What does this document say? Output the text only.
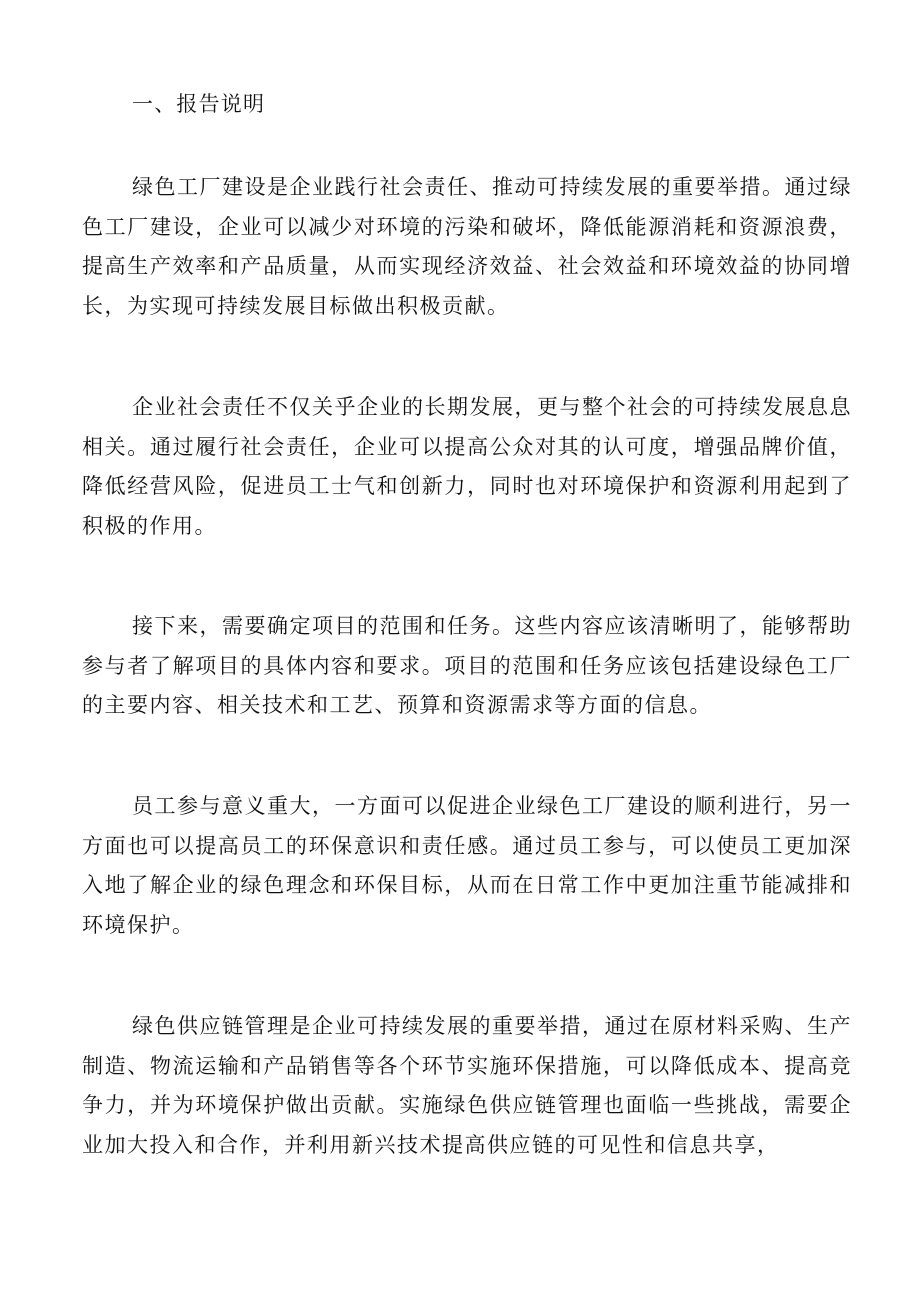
一、报告说明

绿色工厂建设是企业践行社会责任、推动可持续发展的重要举措。通过绿色工厂建设，企业可以减少对环境的污染和破坏，降低能源消耗和资源浪费，提高生产效率和产品质量，从而实现经济效益、社会效益和环境效益的协同增长，为实现可持续发展目标做出积极贡献。

企业社会责任不仅关乎企业的长期发展，更与整个社会的可持续发展息息相关。通过履行社会责任，企业可以提高公众对其的认可度，增强品牌价值，降低经营风险，促进员工士气和创新力，同时也对环境保护和资源利用起到了积极的作用。

接下来，需要确定项目的范围和任务。这些内容应该清晰明了，能够帮助参与者了解项目的具体内容和要求。项目的范围和任务应该包括建设绿色工厂的主要内容、相关技术和工艺、预算和资源需求等方面的信息。

员工参与意义重大，一方面可以促进企业绿色工厂建设的顺利进行，另一方面也可以提高员工的环保意识和责任感。通过员工参与，可以使员工更加深入地了解企业的绿色理念和环保目标，从而在日常工作中更加注重节能减排和环境保护。

绿色供应链管理是企业可持续发展的重要举措，通过在原材料采购、生产制造、物流运输和产品销售等各个环节实施环保措施，可以降低成本、提高竞争力，并为环境保护做出贡献。实施绿色供应链管理也面临一些挑战，需要企业加大投入和合作，并利用新兴技术提高供应链的可见性和信息共享，
